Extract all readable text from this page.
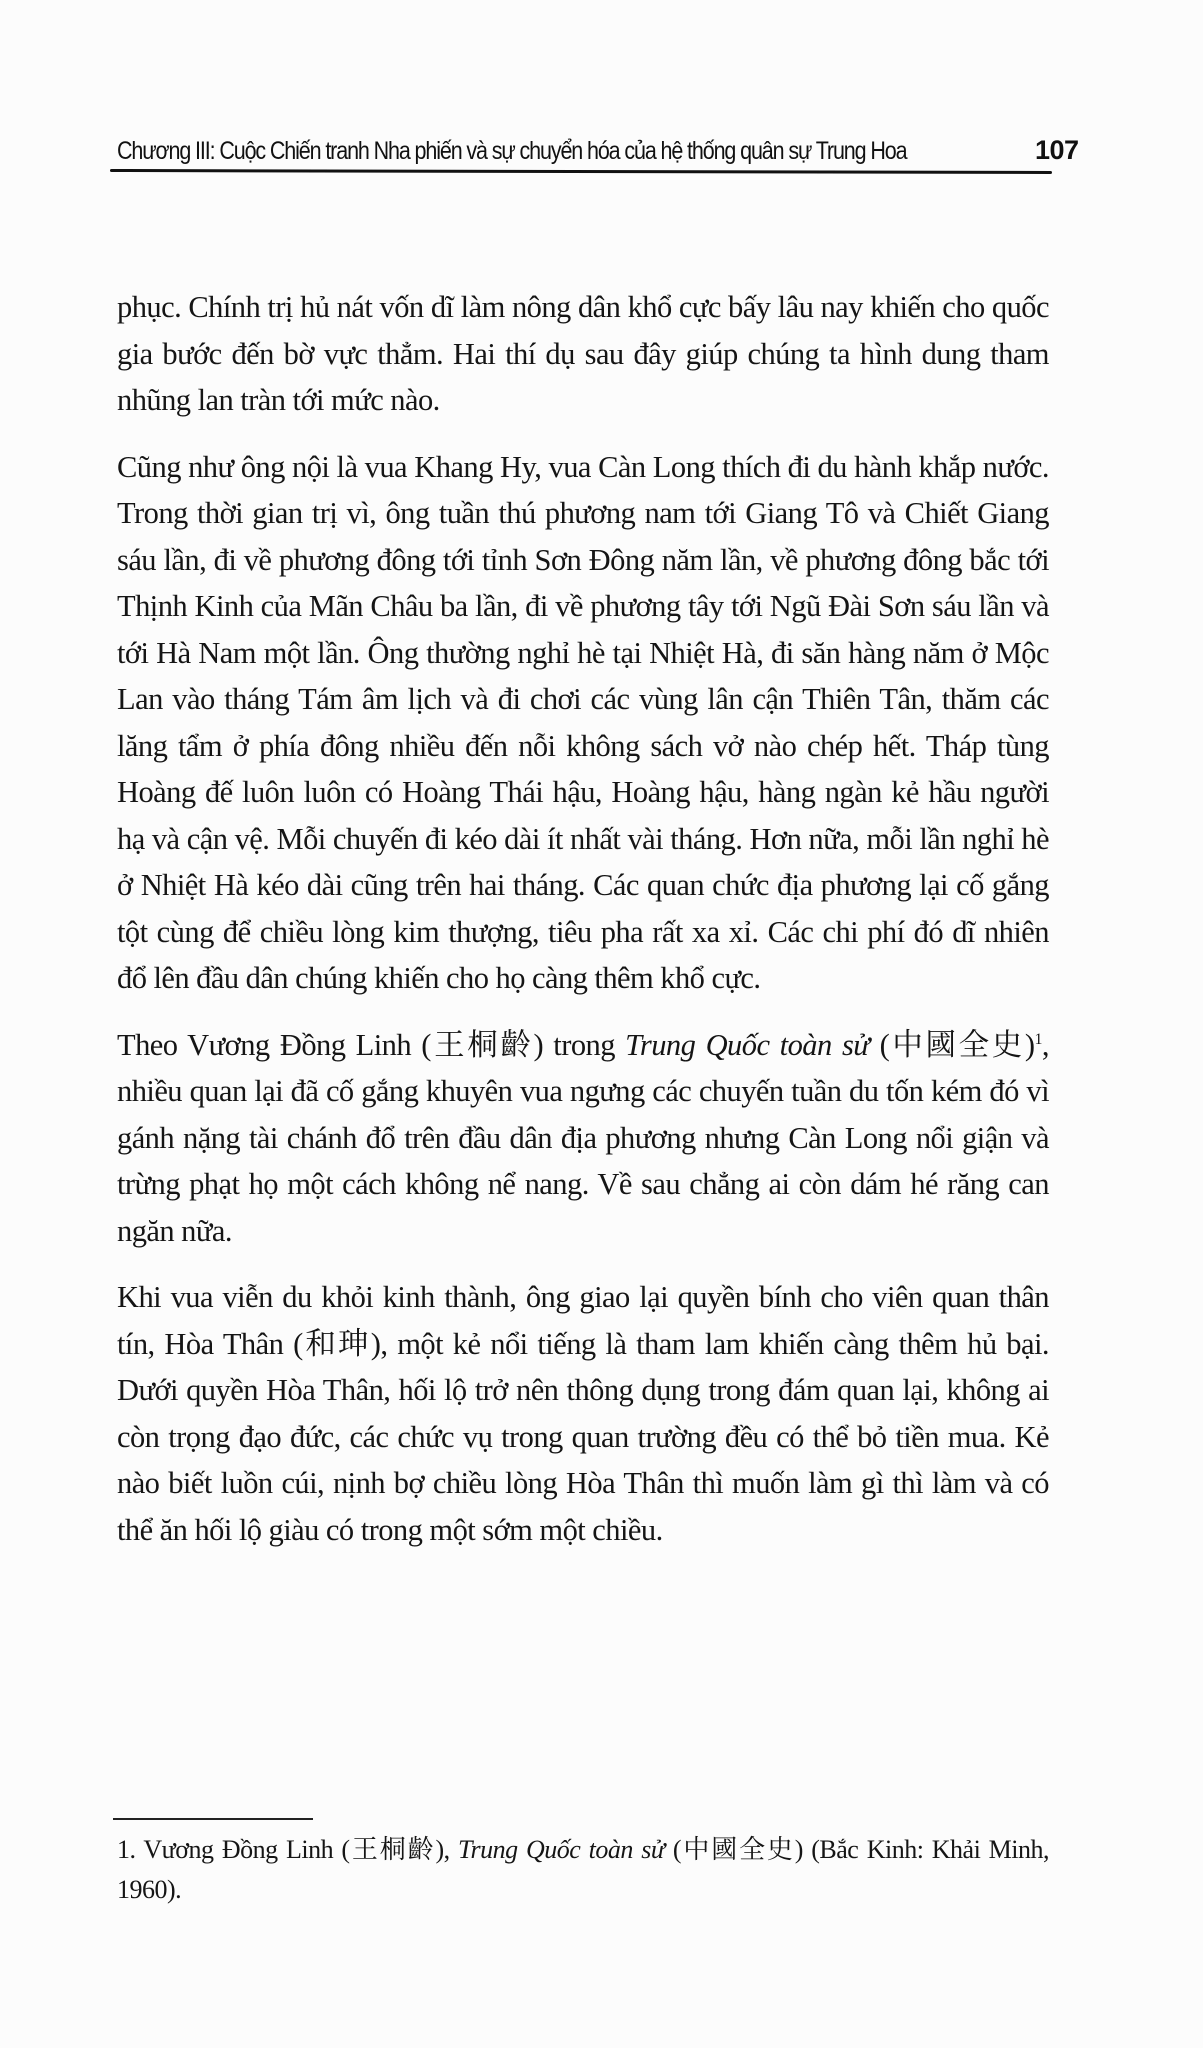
Chương III: Cuộc Chiến tranh Nha phiến và sự chuyển hóa của hệ thống quân sự Trung Hoa	107

phục. Chính trị hủ nát vốn dĩ làm nông dân khổ cực bấy lâu nay khiến cho quốc gia bước đến bờ vực thẳm. Hai thí dụ sau đây giúp chúng ta hình dung tham nhũng lan tràn tới mức nào.

Cũng như ông nội là vua Khang Hy, vua Càn Long thích đi du hành khắp nước. Trong thời gian trị vì, ông tuần thú phương nam tới Giang Tô và Chiết Giang sáu lần, đi về phương đông tới tỉnh Sơn Đông năm lần, về phương đông bắc tới Thịnh Kinh của Mãn Châu ba lần, đi về phương tây tới Ngũ Đài Sơn sáu lần và tới Hà Nam một lần. Ông thường nghỉ hè tại Nhiệt Hà, đi săn hàng năm ở Mộc Lan vào tháng Tám âm lịch và đi chơi các vùng lân cận Thiên Tân, thăm các lăng tẩm ở phía đông nhiều đến nỗi không sách vở nào chép hết. Tháp tùng Hoàng đế luôn luôn có Hoàng Thái hậu, Hoàng hậu, hàng ngàn kẻ hầu người hạ và cận vệ. Mỗi chuyến đi kéo dài ít nhất vài tháng. Hơn nữa, mỗi lần nghỉ hè ở Nhiệt Hà kéo dài cũng trên hai tháng. Các quan chức địa phương lại cố gắng tột cùng để chiều lòng kim thượng, tiêu pha rất xa xỉ. Các chi phí đó dĩ nhiên đổ lên đầu dân chúng khiến cho họ càng thêm khổ cực.

Theo Vương Đồng Linh (王桐齡) trong Trung Quốc toàn sử (中國全史)$^1$, nhiều quan lại đã cố gắng khuyên vua ngưng các chuyến tuần du tốn kém đó vì gánh nặng tài chánh đổ trên đầu dân địa phương nhưng Càn Long nổi giận và trừng phạt họ một cách không nể nang. Về sau chẳng ai còn dám hé răng can ngăn nữa.

Khi vua viễn du khỏi kinh thành, ông giao lại quyền bính cho viên quan thân tín, Hòa Thân (和珅), một kẻ nổi tiếng là tham lam khiến càng thêm hủ bại. Dưới quyền Hòa Thân, hối lộ trở nên thông dụng trong đám quan lại, không ai còn trọng đạo đức, các chức vụ trong quan trường đều có thể bỏ tiền mua. Kẻ nào biết luồn cúi, nịnh bợ chiều lòng Hòa Thân thì muốn làm gì thì làm và có thể ăn hối lộ giàu có trong một sớm một chiều.

1. Vương Đồng Linh (王桐齡), Trung Quốc toàn sử (中國全史) (Bắc Kinh: Khải Minh, 1960).
